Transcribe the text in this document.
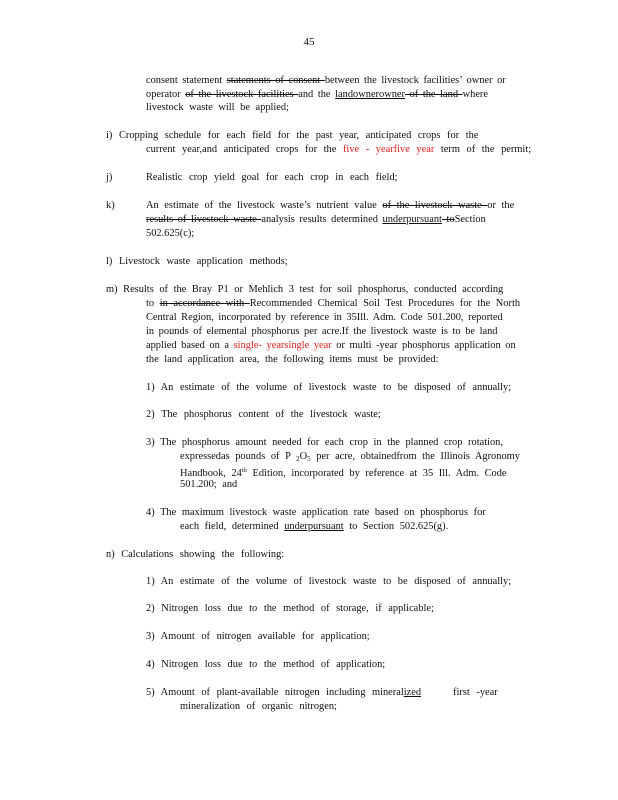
45
consent statement statements of consent between the livestock facilities’ owner or
operator of the livestock facilities and the landownerowner of the land where
livestock waste will be applied;
i) Cropping schedule for each field for the past year, anticipated crops for the
current year,and anticipated crops for the five - yearfive year term of the permit;
j)	Realistic crop yield goal for each crop in each field;
k)	An estimate of the livestock waste’s nutrient value of the livestock waste or the
results of livestock waste analysis results determined underpursuant toSection
502.625(c);
l) Livestock waste application methods;
m) Results of the Bray P1 or Mehlich 3 test for soil phosphorus, conducted according
to in accordance with Recommended Chemical Soil Test Procedures for the North
Central Region, incorporated by reference in 35Ill. Adm. Code 501.200, reported
in pounds of elemental phosphorus per acre.If the livestock waste is to be land
applied based on a single- yearsingle year or multi -year phosphorus application on
the land application area, the following items must be provided:
1) An estimate of the volume of livestock waste to be disposed of annually;
2) The phosphorus content of the livestock waste;
3) The phosphorus amount needed for each crop in the planned crop rotation,
expressedas pounds of P $_2O_5$ per acre, obtainedfrom the Illinois Agronomy
Handbook, 24th Edition, incorporated by reference at 35 Ill. Adm. Code
501.200; and
4) The maximum livestock waste application rate based on phosphorus for
each field, determined underpursuant to Section 502.625(g).
n) Calculations showing the following:
1) An estimate of the volume of livestock waste to be disposed of annually;
2) Nitrogen loss due to the method of storage, if applicable;
3) Amount of nitrogen available for application;
4) Nitrogen loss due to the method of application;
5) Amount of plant-available nitrogen including mineralized	first -year
mineralization of organic nitrogen;
